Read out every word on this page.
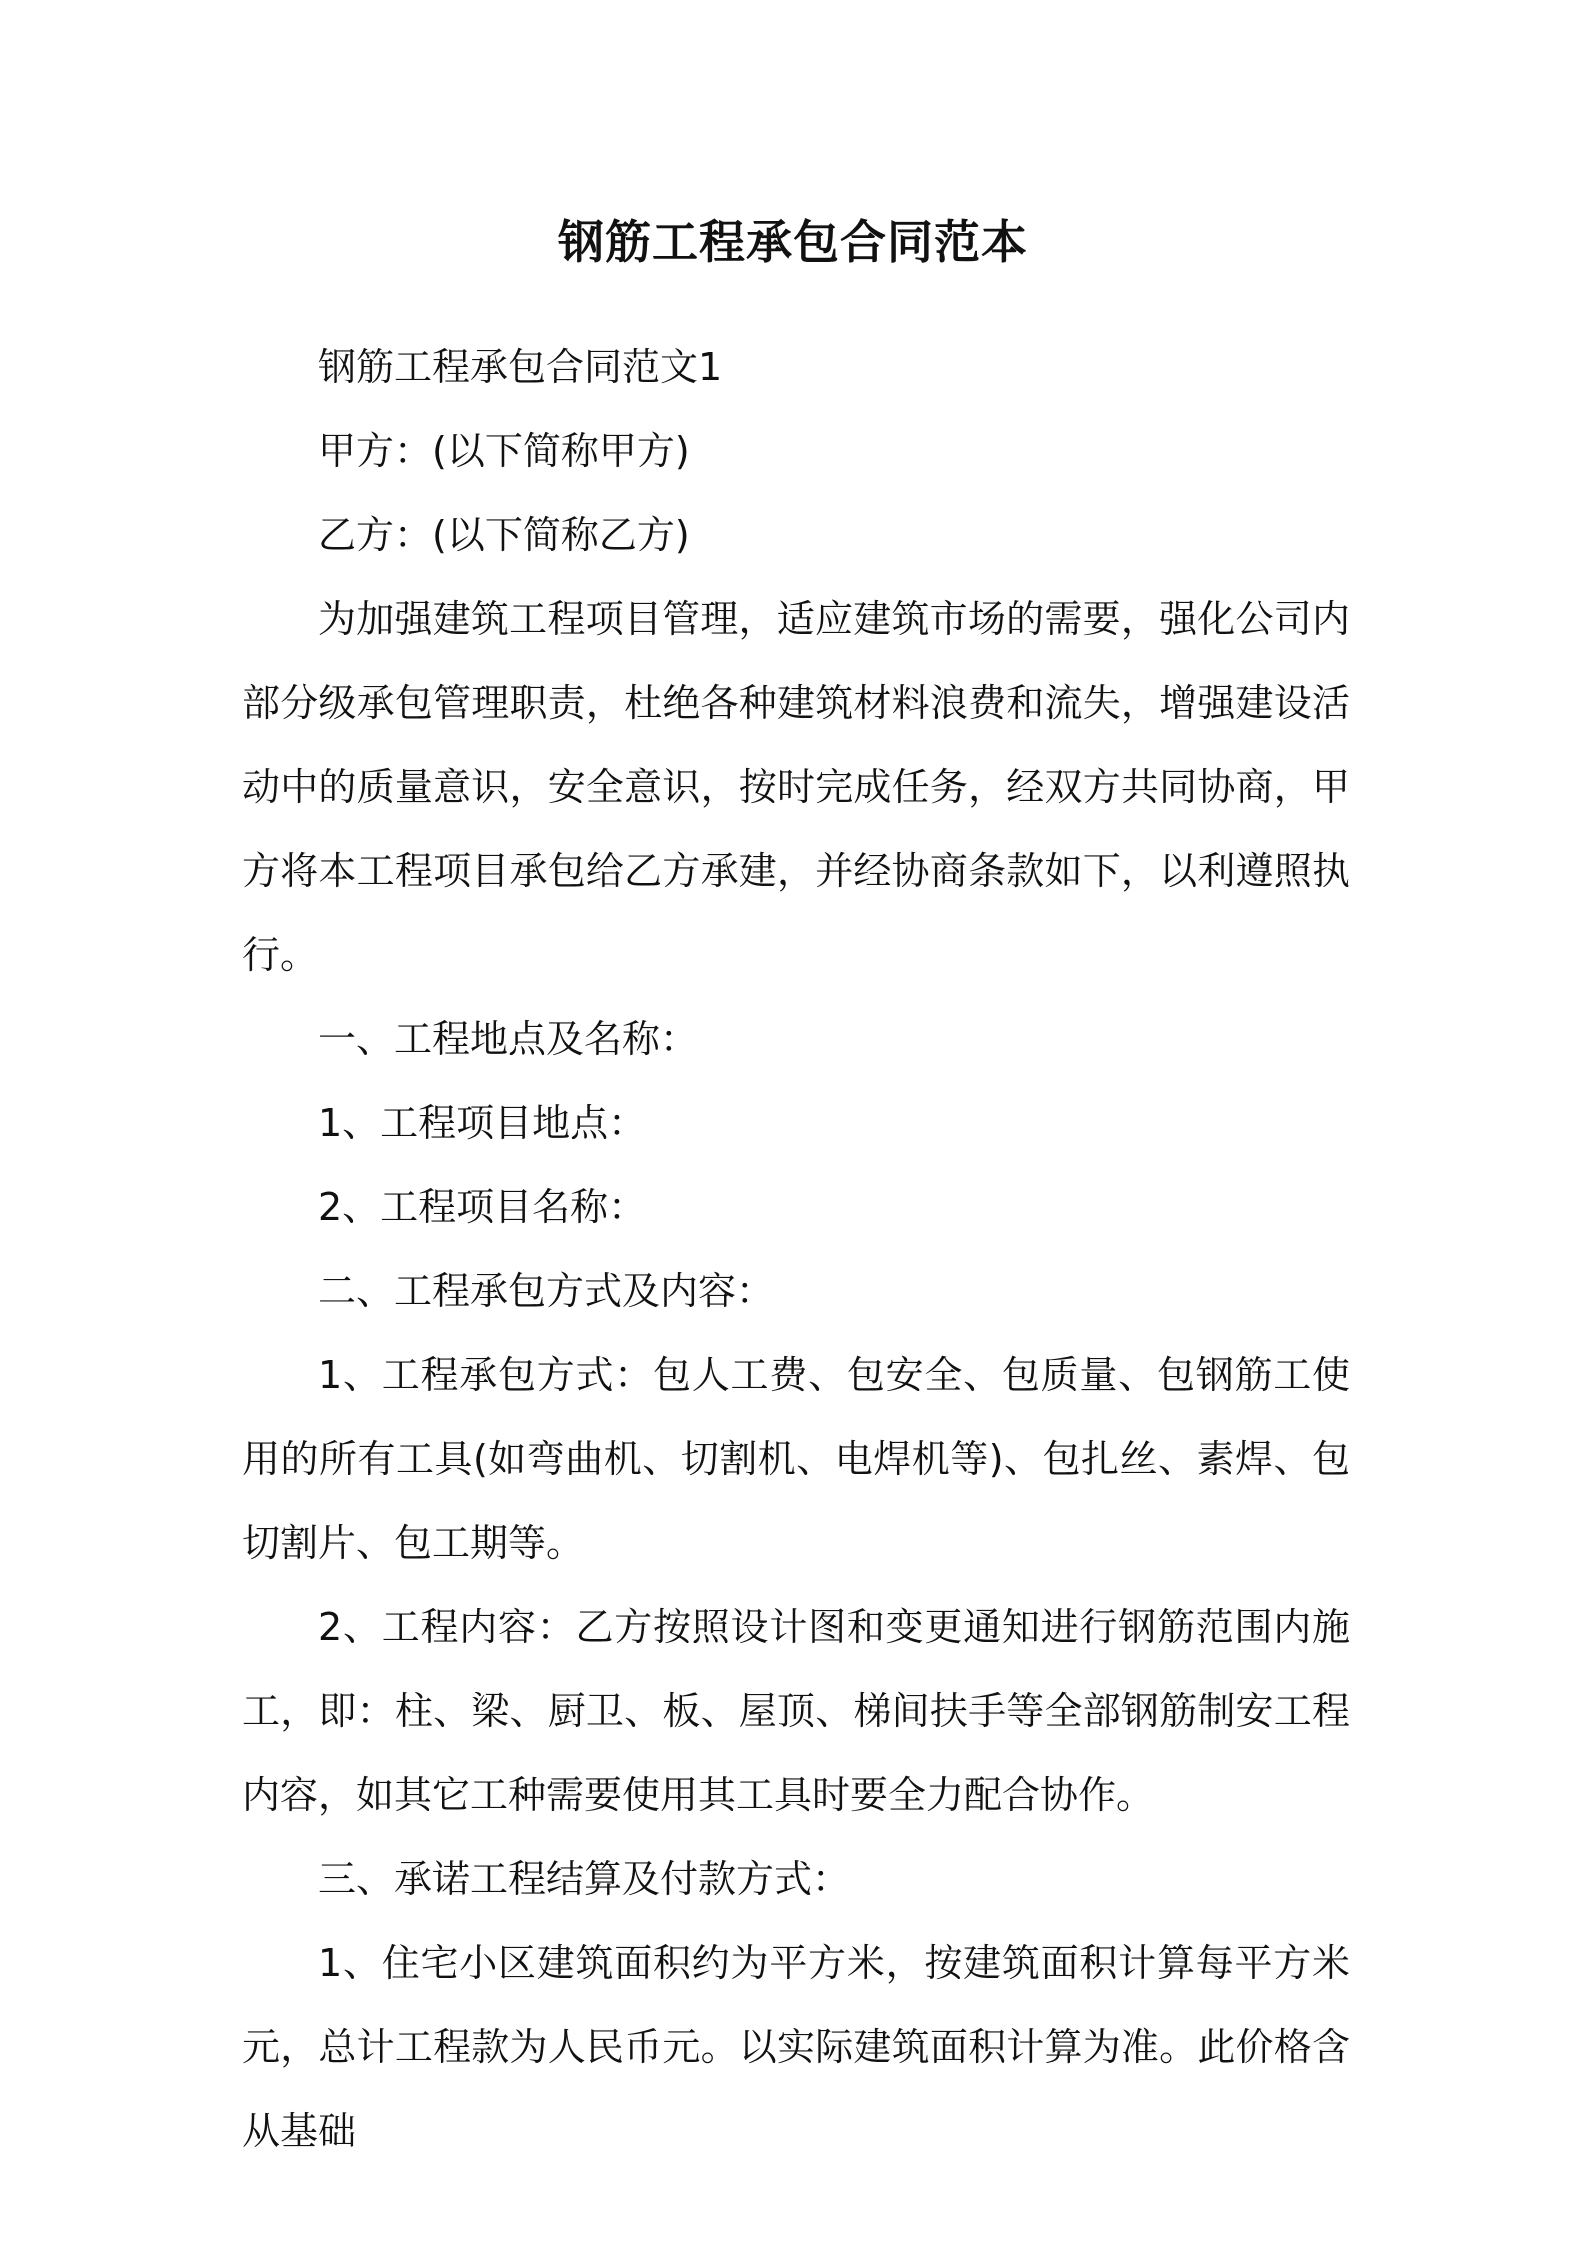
钢筋工程承包合同范本

钢筋工程承包合同范文1

甲方：(以下简称甲方)

乙方：(以下简称乙方)

为加强建筑工程项目管理，适应建筑市场的需要，强化公司内部分级承包管理职责，杜绝各种建筑材料浪费和流失，增强建设活动中的质量意识，安全意识，按时完成任务，经双方共同协商，甲方将本工程项目承包给乙方承建，并经协商条款如下，以利遵照执行。

一、工程地点及名称：

1、工程项目地点：

2、工程项目名称：

二、工程承包方式及内容：

1、工程承包方式：包人工费、包安全、包质量、包钢筋工使用的所有工具(如弯曲机、切割机、电焊机等)、包扎丝、素焊、包切割片、包工期等。

2、工程内容：乙方按照设计图和变更通知进行钢筋范围内施工，即：柱、梁、厨卫、板、屋顶、梯间扶手等全部钢筋制安工程内容，如其它工种需要使用其工具时要全力配合协作。

三、承诺工程结算及付款方式：

1、住宅小区建筑面积约为平方米，按建筑面积计算每平方米元，总计工程款为人民币元。以实际建筑面积计算为准。此价格含从基础
